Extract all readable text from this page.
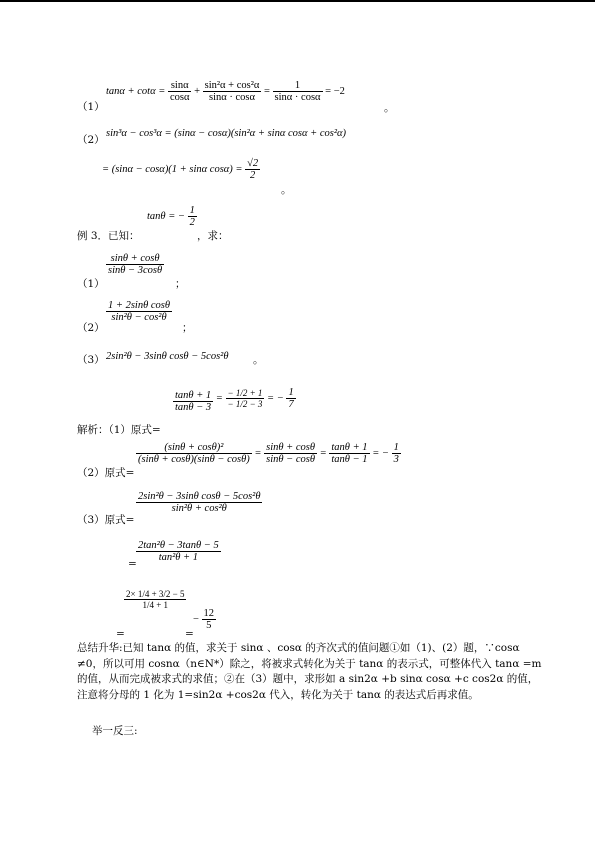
（1）
$\tan\alpha + \cot\alpha = \frac{\sin\alpha}{\cos\alpha} + \frac{\text{sin²α + cos²α}}{\sin\alpha \cdot \cos\alpha} = \frac{1}{\sin\alpha \cdot \cos\alpha} = -2$
。
（2）
sin³α − cos³α = (sinα − cosα)(sin²α + sinα cosα + cos²α)
= (sinα − cosα)(1 + sinα $\cos\alpha) = \frac{√2}{2}$
。
tanθ = − $\frac{1}{2}$
例 3．已知：	，求：
（1）
$\frac{\sin\theta + \cos\theta}{\sin\theta - 3\cos\theta}$
；
（2）
$\frac{\text{1 + 2sinθ cosθ}}{\text{sin²θ − cos²θ}}$
；
（3） 2sin²θ − 3sinθ cosθ − 5cos²θ 。
$\frac{\tan\theta + 1}{\tan\theta - 3} = \frac{- 1/2 + 1}{- 1/2 - 3}$ = − $\frac{1}{7}$
解析：（1）原式=
（2）原式=
$\frac{\text{(sinθ + cosθ)²}}{(\sin\theta + \cos\theta)(\sin\theta - \cos\theta)} = \frac{\sin\theta + \cos\theta}{\sin\theta - \cos\theta} = \frac{\tan\theta + 1}{\tan\theta - 1}$ = − $\frac{1}{3}$
（3）原式=
$\frac{\text{2sin²θ − 3sinθ cosθ − 5cos²θ}}{\text{sin²θ + cos²θ}}$
=
$\frac{\text{2tan²θ − 3tanθ − 5}}{\text{tan²θ + 1}}$
=
$\frac{2\times 1/4 + 3/2 - 5}{1/4 + 1}$
=
− $\frac{12}{5}$
总结升华:已知 tanα 的值，求关于 sinα 、cosα 的齐次式的值问题①如（1)、(2）题，∵cosα ≠0，所以可用 cosnα（n∈N*）除之，将被求式转化为关于 tanα 的表示式，可整体代入 tanα =m 的值，从而完成被求式的求值；②在（3）题中，求形如 a sin2α +b sinα cosα +c cos2α 的值，注意将分母的 1 化为 1=sin2α +cos2α 代入，转化为关于 tanα 的表达式后再求值。
举一反三:
